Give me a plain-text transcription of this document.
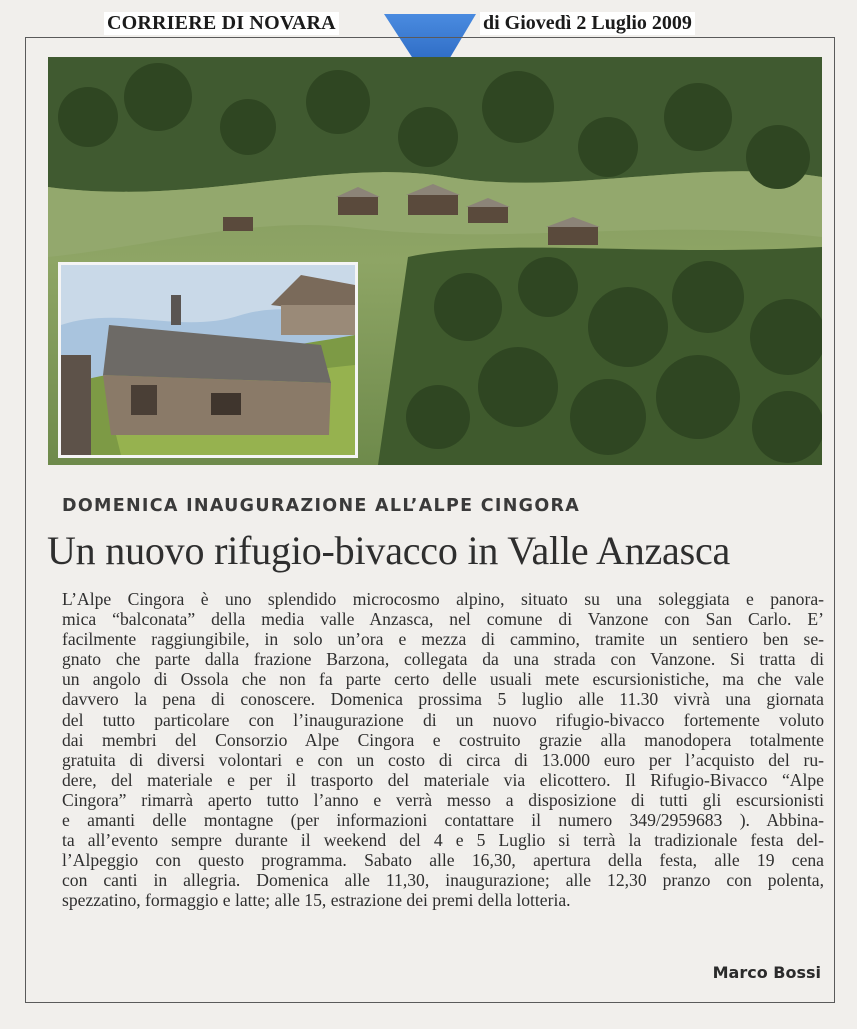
CORRIERE DI NOVARA	di Giovedì 2 Luglio 2009
DOMENICA INAUGURAZIONE ALL’ALPE CINGORA
Un nuovo rifugio-bivacco in Valle Anzasca
L’Alpe Cingora è uno splendido microcosmo alpino, situato su una soleggiata e panora-
mica “balconata” della media valle Anzasca, nel comune di Vanzone con San Carlo. E’
facilmente raggiungibile, in solo un’ora e mezza di cammino, tramite un sentiero ben se-
gnato che parte dalla frazione Barzona, collegata da una strada con Vanzone. Si tratta di
un angolo di Ossola che non fa parte certo delle usuali mete escursionistiche, ma che vale
davvero la pena di conoscere. Domenica prossima 5 luglio alle 11.30 vivrà una giornata
del tutto particolare con l’inaugurazione di un nuovo rifugio-bivacco fortemente voluto
dai membri del Consorzio Alpe Cingora e costruito grazie alla manodopera totalmente
gratuita di diversi volontari e con un costo di circa di 13.000 euro per l’acquisto del ru-
dere, del materiale e per il trasporto del materiale via elicottero. Il Rifugio-Bivacco “Alpe
Cingora” rimarrà aperto tutto l’anno e verrà messo a disposizione di tutti gli escursionisti
e amanti delle montagne (per informazioni contattare il numero 349/2959683 ). Abbina-
ta all’evento sempre durante il weekend del 4 e 5 Luglio si terrà la tradizionale festa del-
l’Alpeggio con questo programma. Sabato alle 16,30, apertura della festa, alle 19 cena
con canti in allegria. Domenica alle 11,30, inaugurazione; alle 12,30 pranzo con polenta,
spezzatino, formaggio e latte; alle 15, estrazione dei premi della lotteria.
Marco Bossi
